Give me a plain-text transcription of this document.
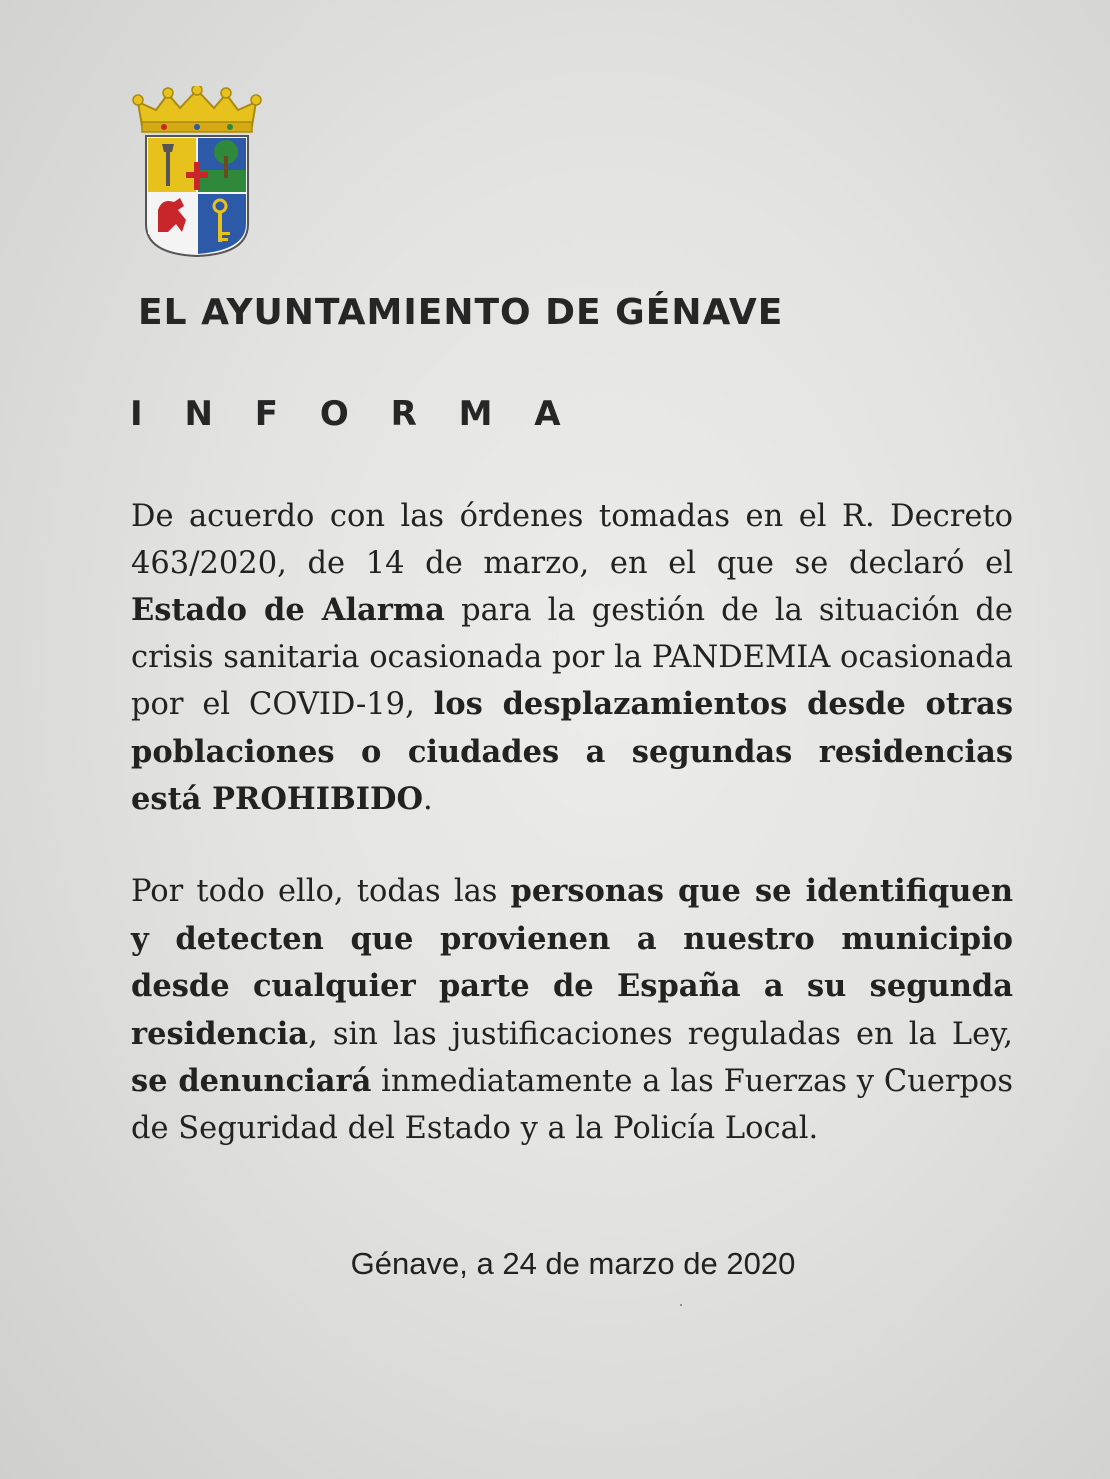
EL AYUNTAMIENTO DE GÉNAVE
I N F O R M A

De acuerdo con las órdenes tomadas en el R. Decreto 463/2020, de 14 de marzo, en el que se declaró el Estado de Alarma para la gestión de la situación de crisis sanitaria ocasionada por la PANDEMIA ocasionada por el COVID-19, los desplazamientos desde otras poblaciones o ciudades a segundas residencias está PROHIBIDO.

Por todo ello, todas las personas que se identifiquen y detecten que provienen a nuestro municipio desde cualquier parte de España a su segunda residencia, sin las justificaciones reguladas en la Ley, se denunciará inmediatamente a las Fuerzas y Cuerpos de Seguridad del Estado y a la Policía Local.

Génave, a 24 de marzo de 2020
